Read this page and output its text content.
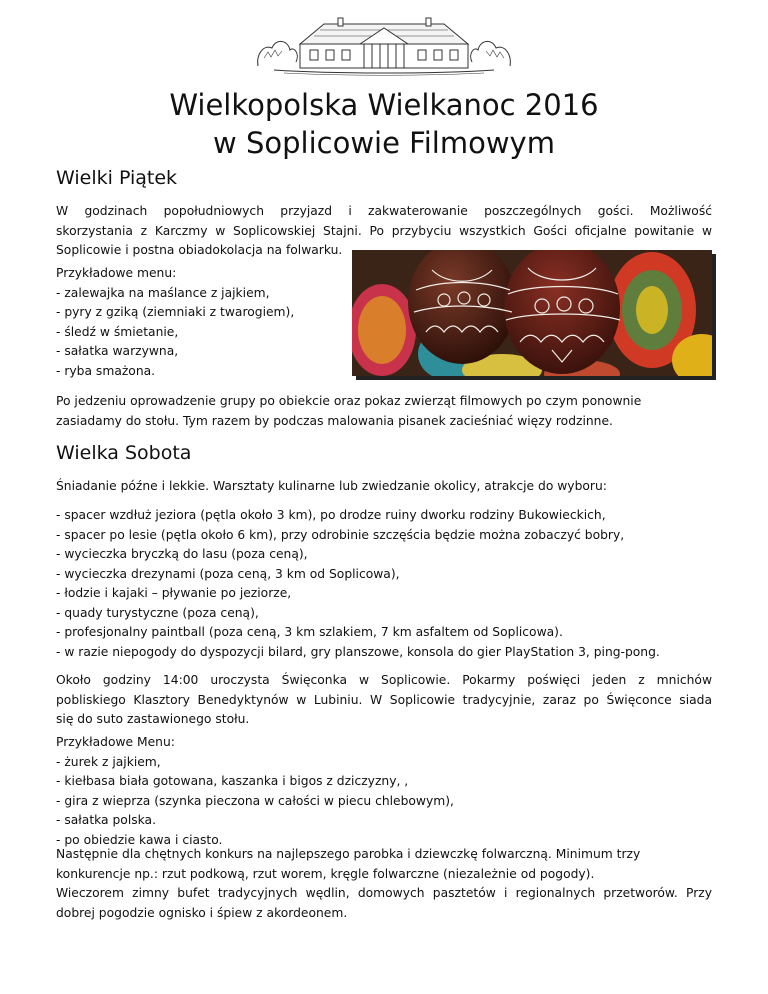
Wielkopolska Wielkanoc 2016
w Soplicowie Filmowym
Wielki Piątek
W godzinach popołudniowych przyjazd i zakwaterowanie poszczególnych gości. Możliwość
skorzystania z Karczmy w Soplicowskiej Stajni. Po przybyciu wszystkich Gości oficjalne powitanie w
Soplicowie i postna obiadokolacja na folwarku.
Przykładowe menu:
- zalewajka na maślance z jajkiem,
- pyry z gziką (ziemniaki z twarogiem),
- śledź w śmietanie,
- sałatka warzywna,
- ryba smażona.
Po jedzeniu oprowadzenie grupy po obiekcie oraz pokaz zwierząt filmowych po czym ponownie
zasiadamy do stołu. Tym razem by podczas malowania pisanek zacieśniać więzy rodzinne.
Wielka Sobota
Śniadanie późne i lekkie. Warsztaty kulinarne lub zwiedzanie okolicy, atrakcje do wyboru:
- spacer wzdłuż jeziora (pętla około 3 km), po drodze ruiny dworku rodziny Bukowieckich,
- spacer po lesie (pętla około 6 km), przy odrobinie szczęścia będzie można zobaczyć bobry,
- wycieczka bryczką do lasu (poza ceną),
- wycieczka drezynami (poza ceną, 3 km od Soplicowa),
- łodzie i kajaki – pływanie po jeziorze,
- quady turystyczne (poza ceną),
- profesjonalny paintball (poza ceną, 3 km szlakiem, 7 km asfaltem od Soplicowa).
- w razie niepogody do dyspozycji bilard, gry planszowe, konsola do gier PlayStation 3, ping-pong.
Około godziny 14:00 uroczysta Święconka w Soplicowie. Pokarmy poświęci jeden z mnichów
pobliskiego Klasztory Benedyktynów w Lubiniu. W Soplicowie tradycyjnie, zaraz po Święconce siada
się do suto zastawionego stołu.
Przykładowe Menu:
- żurek z jajkiem,
- kiełbasa biała gotowana, kaszanka i bigos z dziczyzny, ,
- gira z wieprza (szynka pieczona w całości w piecu chlebowym),
- sałatka polska.
- po obiedzie kawa i ciasto.
Następnie dla chętnych konkurs na najlepszego parobka i dziewczkę folwarczną. Minimum trzy
konkurencje np.: rzut podkową, rzut worem, kręgle folwarczne (niezależnie od pogody).
Wieczorem zimny bufet tradycyjnych wędlin, domowych pasztetów i regionalnych przetworów. Przy
dobrej pogodzie ognisko i śpiew z akordeonem.
